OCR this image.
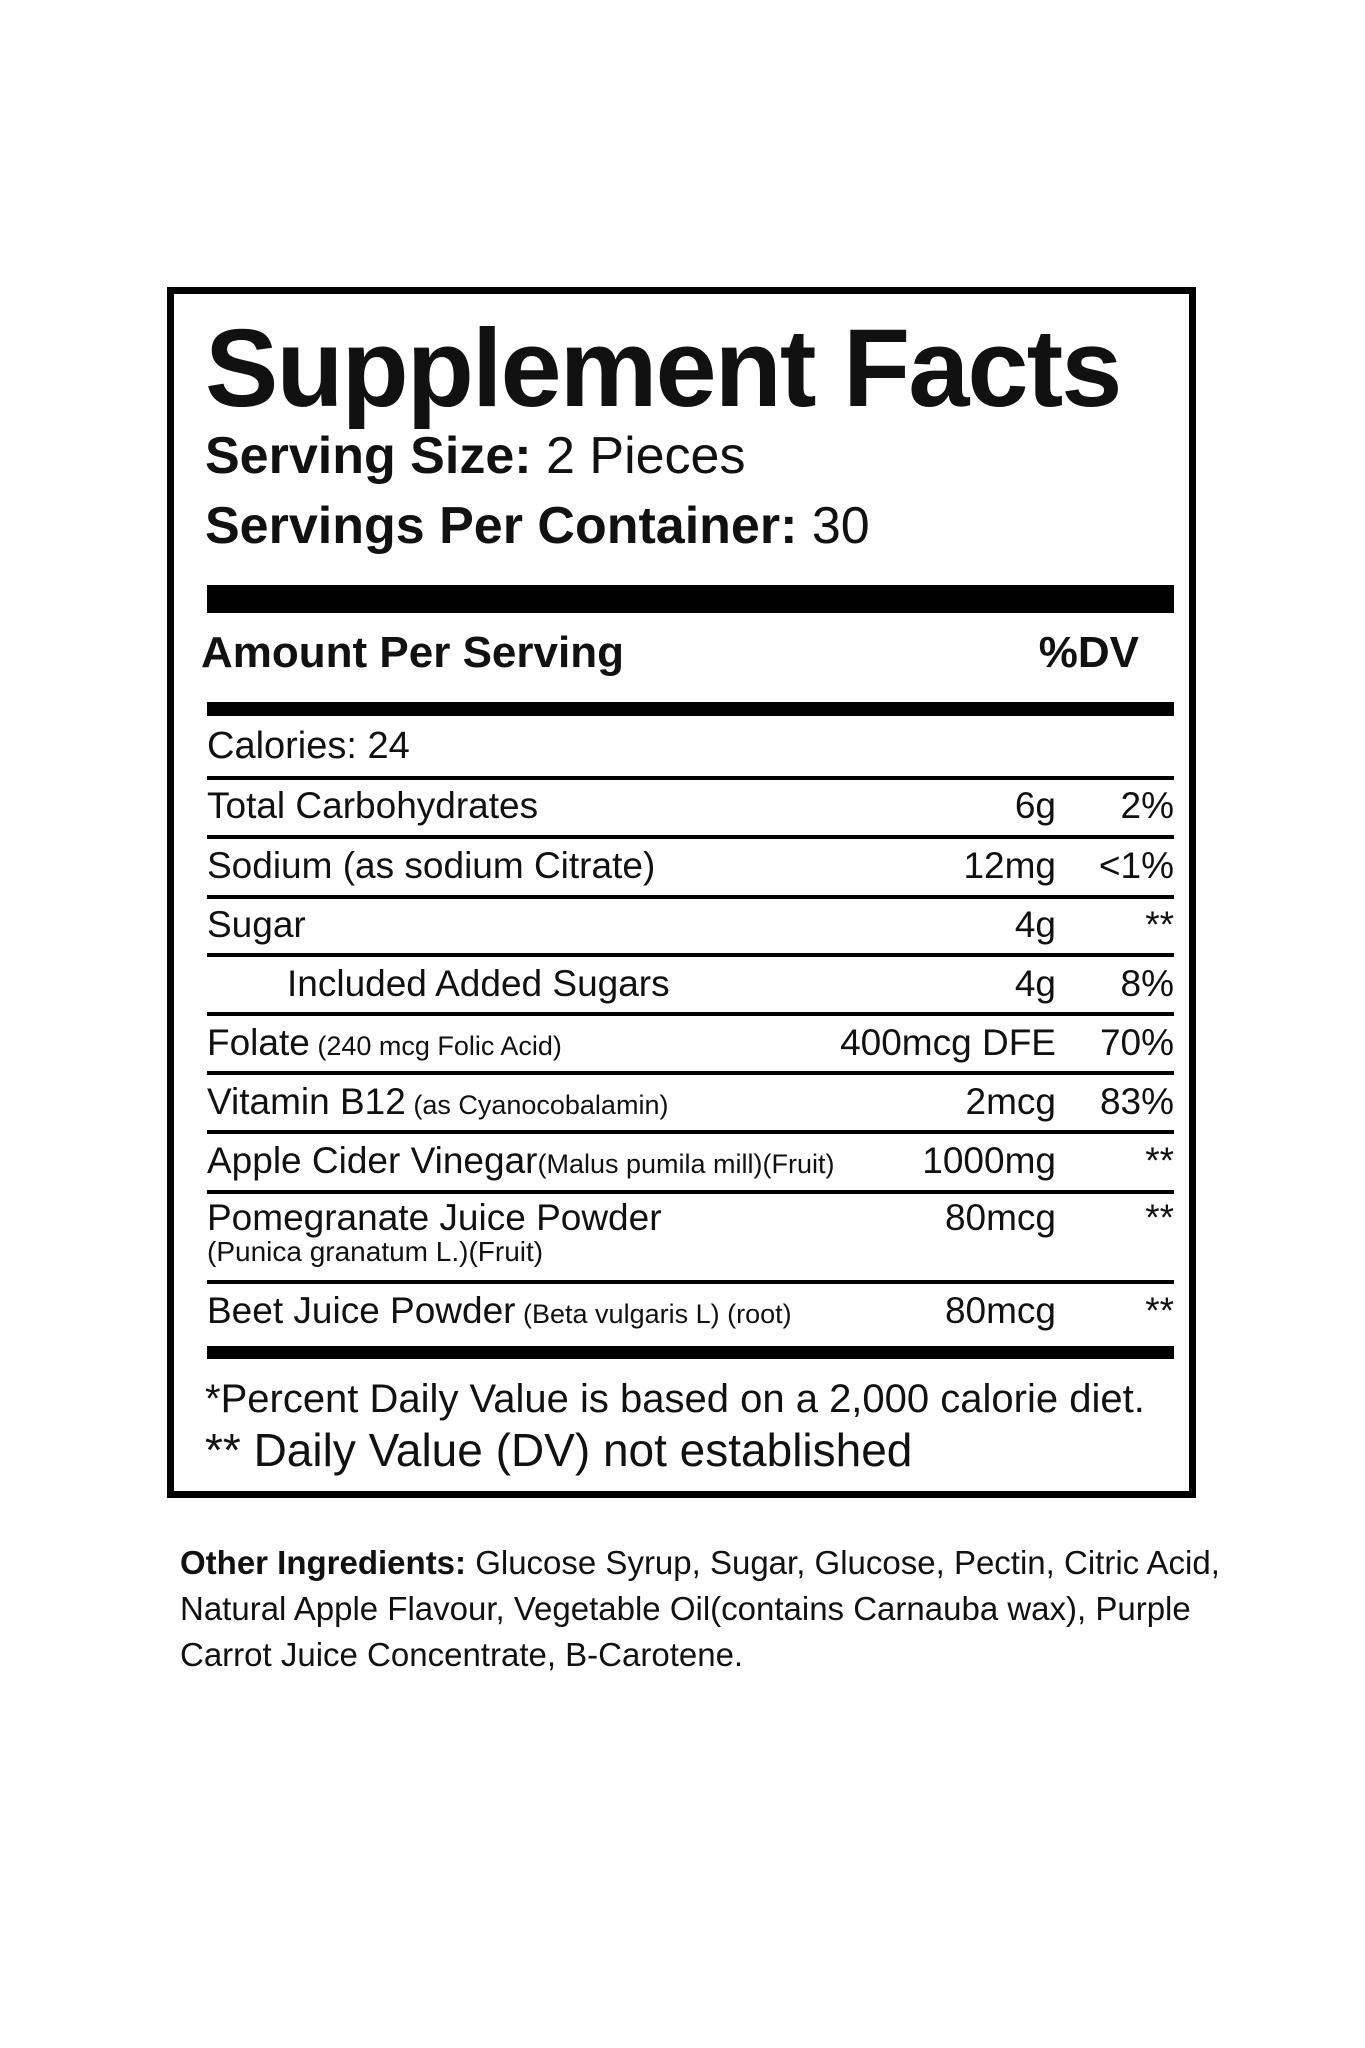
Supplement Facts
Serving Size: 2 Pieces
Servings Per Container: 30
Amount Per Serving	%DV
Calories: 24
Total Carbohydrates	6g	2%
Sodium (as sodium Citrate)	12mg	<1%
Sugar	4g	**
Included Added Sugars	4g	8%
Folate (240 mcg Folic Acid)	400mcg DFE	70%
Vitamin B12 (as Cyanocobalamin)	2mcg	83%
Apple Cider Vinegar(Malus pumila mill)(Fruit) 1000mg	**
Pomegranate Juice Powder
(Punica granatum L.)(Fruit)
80mcg	**
Beet Juice Powder (Beta vulgaris L) (root)	80mcg	**
*Percent Daily Value is based on a 2,000 calorie diet.
** Daily Value (DV) not established
Other Ingredients: Glucose Syrup, Sugar, Glucose, Pectin, Citric Acid, Natural Apple Flavour, Vegetable Oil(contains Carnauba wax), Purple Carrot Juice Concentrate, B-Carotene.
